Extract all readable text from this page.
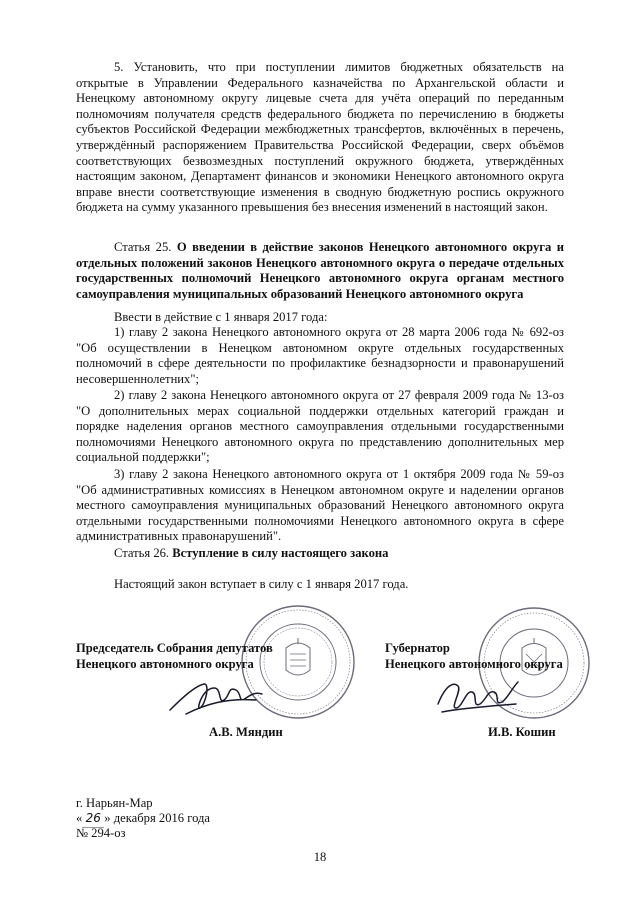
5. Установить, что при поступлении лимитов бюджетных обязательств на открытые в Управлении Федерального казначейства по Архангельской области и Ненецкому автономному округу лицевые счета для учёта операций по переданным полномочиям получателя средств федерального бюджета по перечислению в бюджеты субъектов Российской Федерации межбюджетных трансфертов, включённых в перечень, утверждённый распоряжением Правительства Российской Федерации, сверх объёмов соответствующих безвозмездных поступлений окружного бюджета, утверждённых настоящим законом, Департамент финансов и экономики Ненецкого автономного округа вправе внести соответствующие изменения в сводную бюджетную роспись окружного бюджета на сумму указанного превышения без внесения изменений в настоящий закон.

Статья 25. О введении в действие законов Ненецкого автономного округа и отдельных положений законов Ненецкого автономного округа о передаче отдельных государственных полномочий Ненецкого автономного округа органам местного самоуправления муниципальных образований Ненецкого автономного округа

Ввести в действие с 1 января 2017 года:

1) главу 2 закона Ненецкого автономного округа от 28 марта 2006 года № 692-оз "Об осуществлении в Ненецком автономном округе отдельных государственных полномочий в сфере деятельности по профилактике безнадзорности и правонарушений несовершеннолетних";

2) главу 2 закона Ненецкого автономного округа от 27 февраля 2009 года № 13-оз "О дополнительных мерах социальной поддержки отдельных категорий граждан и порядке наделения органов местного самоуправления отдельными государственными полномочиями Ненецкого автономного округа по представлению дополнительных мер социальной поддержки";

3) главу 2 закона Ненецкого автономного округа от 1 октября 2009 года № 59-оз "Об административных комиссиях в Ненецком автономном округе и наделении органов местного самоуправления муниципальных образований Ненецкого автономного округа отдельными государственными полномочиями Ненецкого автономного округа в сфере административных правонарушений".

Статья 26. Вступление в силу настоящего закона

Настоящий закон вступает в силу с 1 января 2017 года.

Председатель Собрания депутатов
Ненецкого автономного округа
Губернатор
Ненецкого автономного округа
А.В. Мяндин	И.В. Кошин
г. Нарьян-Мар
« 26 » декабря 2016 года
№ 294-оз
18
